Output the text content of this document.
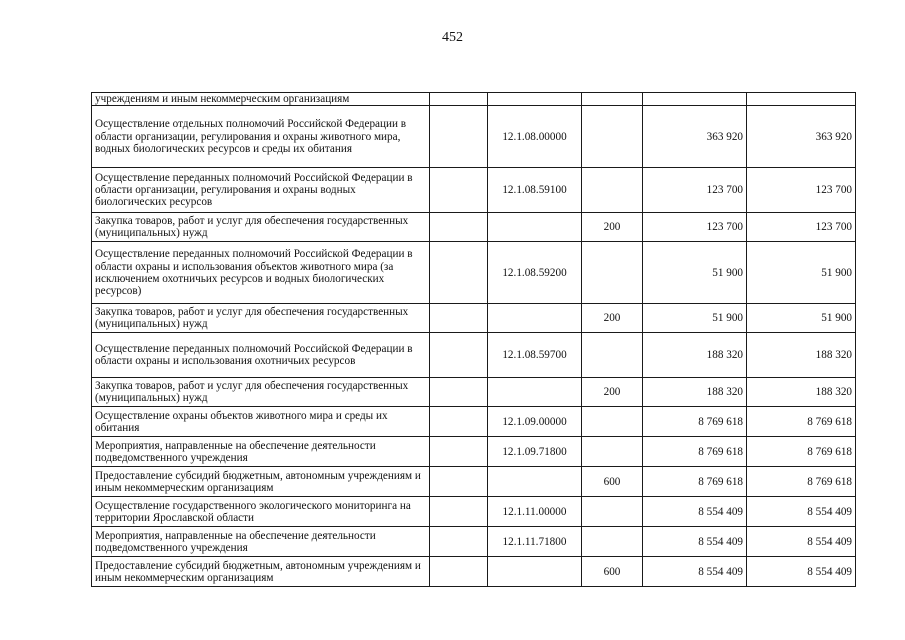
452
учреждениям и иным некоммерческим организациям					
Осуществление отдельных полномочий Российской Федерации в области организации, регулирования и охраны животного мира, водных биологических ресурсов и среды их обитания		12.1.08.00000		363 920	363 920
Осуществление переданных полномочий Российской Федерации в области организации, регулирования и охраны водных биологических ресурсов		12.1.08.59100		123 700	123 700
Закупка товаров, работ и услуг для обеспечения государственных (муниципальных) нужд			200	123 700	123 700
Осуществление переданных полномочий Российской Федерации в области охраны и использования объектов животного мира (за исключением охотничьих ресурсов и водных биологических ресурсов)		12.1.08.59200		51 900	51 900
Закупка товаров, работ и услуг для обеспечения государственных (муниципальных) нужд			200	51 900	51 900
Осуществление переданных полномочий Российской Федерации в области охраны и использования охотничьих ресурсов		12.1.08.59700		188 320	188 320
Закупка товаров, работ и услуг для обеспечения государственных (муниципальных) нужд			200	188 320	188 320
Осуществление охраны объектов животного мира и среды их обитания		12.1.09.00000		8 769 618	8 769 618
Мероприятия, направленные на обеспечение деятельности подведомственного учреждения		12.1.09.71800		8 769 618	8 769 618
Предоставление субсидий бюджетным, автономным учреждениям и иным некоммерческим организациям			600	8 769 618	8 769 618
Осуществление государственного экологического мониторинга на территории Ярославской области		12.1.11.00000		8 554 409	8 554 409
Мероприятия, направленные на обеспечение деятельности подведомственного учреждения		12.1.11.71800		8 554 409	8 554 409
Предоставление субсидий бюджетным, автономным учреждениям и иным некоммерческим организациям			600	8 554 409	8 554 409
